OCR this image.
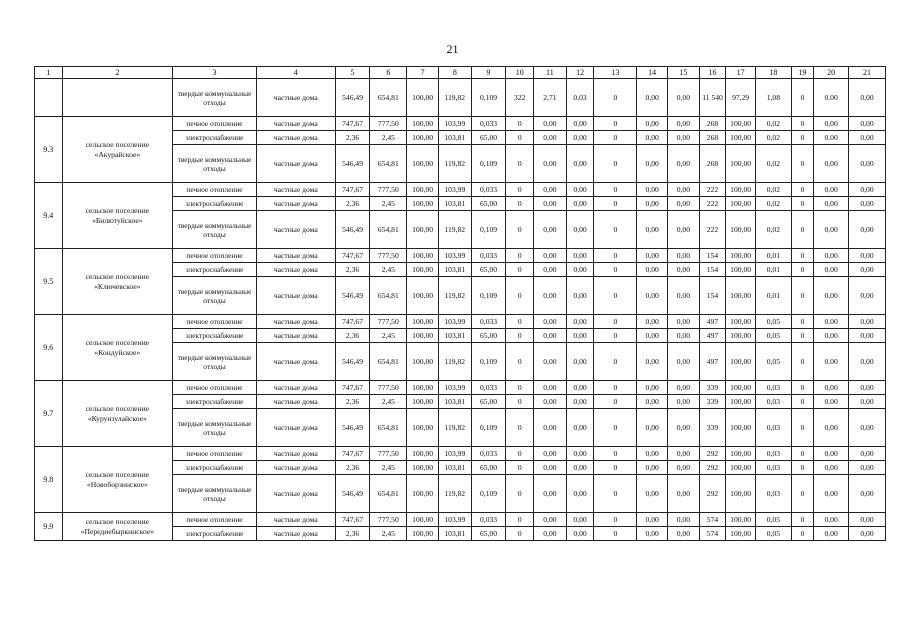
21
1	2	3	4	5	6	7	8	9	10	11	12	13	14	15	16	17	18	19	20	21
		твердые коммунальные отходы	частные дома	546,49	654,81	100,00	119,82	0,109	322	2,71	0,03	0	0,00	0,00	11 540	97,29	1,08	0	0,00	0,00
9.3	сельское поселение «Акурайское»	печное отопление	частные дома	747,67	777,50	100,00	103,99	0,033	0	0,00	0,00	0	0,00	0,00	268	100,00	0,02	0	0,00	0,00
		электроснабжение	частные дома	2,36	2,45	100,00	103,81	65,00	0	0,00	0,00	0	0,00	0,00	268	100,00	0,02	0	0,00	0,00
		твердые коммунальные отходы	частные дома	546,49	654,81	100,00	119,82	0,109	0	0,00	0,00	0	0,00	0,00	268	100,00	0,02	0	0,00	0,00
9.4	сельское поселение «Билютуйское»	печное отопление	частные дома	747,67	777,50	100,00	103,99	0,033	0	0,00	0,00	0	0,00	0,00	222	100,00	0,02	0	0,00	0,00
		электроснабжение	частные дома	2,36	2,45	100,00	103,81	65,00	0	0,00	0,00	0	0,00	0,00	222	100,00	0,02	0	0,00	0,00
		твердые коммунальные отходы	частные дома	546,49	654,81	100,00	119,82	0,109	0	0,00	0,00	0	0,00	0,00	222	100,00	0,02	0	0,00	0,00
9.5	сельское поселение «Ключевское»	печное отопление	частные дома	747,67	777,50	100,00	103,99	0,033	0	0,00	0,00	0	0,00	0,00	154	100,00	0,01	0	0,00	0,00
		электроснабжение	частные дома	2,36	2,45	100,00	103,81	65,00	0	0,00	0,00	0	0,00	0,00	154	100,00	0,01	0	0,00	0,00
		твердые коммунальные отходы	частные дома	546,49	654,81	100,00	119,82	0,109	0	0,00	0,00	0	0,00	0,00	154	100,00	0,01	0	0,00	0,00
9.6	сельское поселение «Кондуйское»	печное отопление	частные дома	747,67	777,50	100,00	103,99	0,033	0	0,00	0,00	0	0,00	0,00	497	100,00	0,05	0	0,00	0,00
		электроснабжение	частные дома	2,36	2,45	100,00	103,81	65,00	0	0,00	0,00	0	0,00	0,00	497	100,00	0,05	0	0,00	0,00
		твердые коммунальные отходы	частные дома	546,49	654,81	100,00	119,82	0,109	0	0,00	0,00	0	0,00	0,00	497	100,00	0,05	0	0,00	0,00
9.7	сельское поселение «Курунзулайское»	печное отопление	частные дома	747,67	777,50	100,00	103,99	0,033	0	0,00	0,00	0	0,00	0,00	339	100,00	0,03	0	0,00	0,00
		электроснабжение	частные дома	2,36	2,45	100,00	103,81	65,00	0	0,00	0,00	0	0,00	0,00	339	100,00	0,03	0	0,00	0,00
		твердые коммунальные отходы	частные дома	546,49	654,81	100,00	119,82	0,109	0	0,00	0,00	0	0,00	0,00	339	100,00	0,03	0	0,00	0,00
9.8	сельское поселение «Новоборзинское»	печное отопление	частные дома	747,67	777,50	100,00	103,99	0,033	0	0,00	0,00	0	0,00	0,00	292	100,00	0,03	0	0,00	0,00
		электроснабжение	частные дома	2,36	2,45	100,00	103,81	65,00	0	0,00	0,00	0	0,00	0,00	292	100,00	0,03	0	0,00	0,00
		твердые коммунальные отходы	частные дома	546,49	654,81	100,00	119,82	0,109	0	0,00	0,00	0	0,00	0,00	292	100,00	0,03	0	0,00	0,00
9.9	сельское поселение «Передиебыркинское»	печное отопление	частные дома	747,67	777,50	100,00	103,99	0,033	0	0,00	0,00	0	0,00	0,00	574	100,00	0,05	0	0,00	0,00
		электроснабжение	частные дома	2,36	2,45	100,00	103,81	65,00	0	0,00	0,00	0	0,00	0,00	574	100,00	0,05	0	0,00	0,00
